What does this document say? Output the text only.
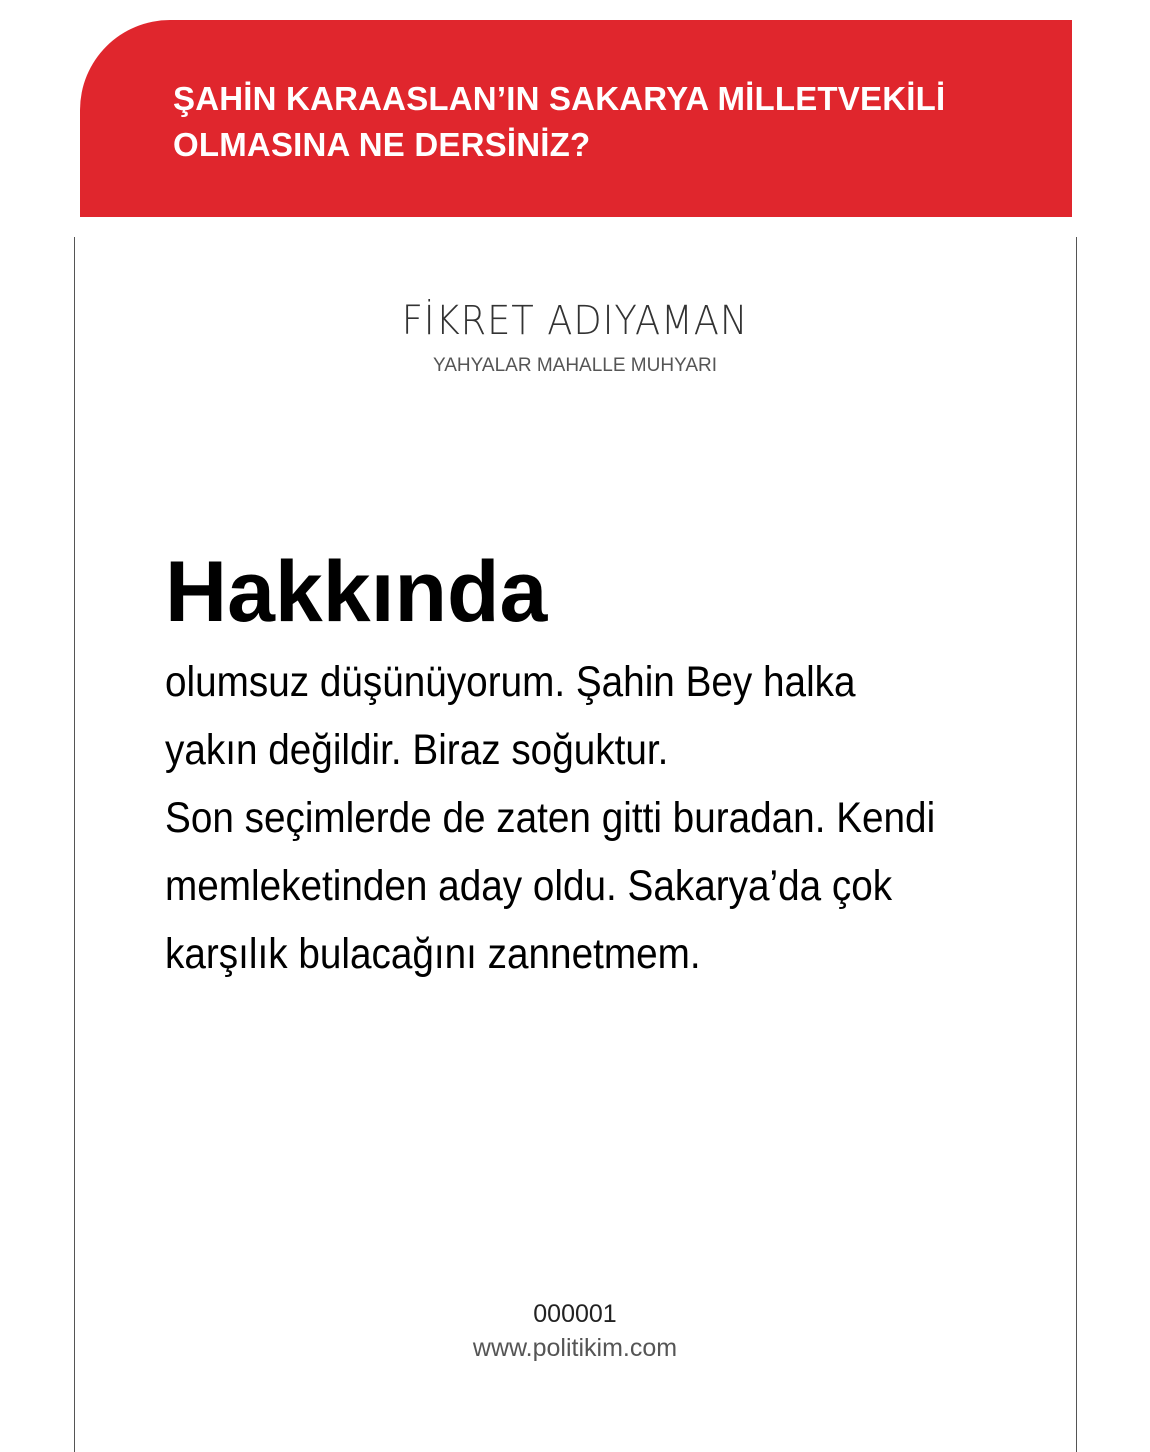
ŞAHİN KARAASLAN’IN SAKARYA MİLLETVEKİLİ
OLMASINA NE DERSİNİZ?
FİKRET ADIYAMAN
YAHYALAR MAHALLE MUHYARI
Hakkında
olumsuz düşünüyorum. Şahin Bey halka
yakın değildir. Biraz soğuktur.
Son seçimlerde de zaten gitti buradan. Kendi
memleketinden aday oldu. Sakarya’da çok
karşılık bulacağını zannetmem.
000001
www.politikim.com
